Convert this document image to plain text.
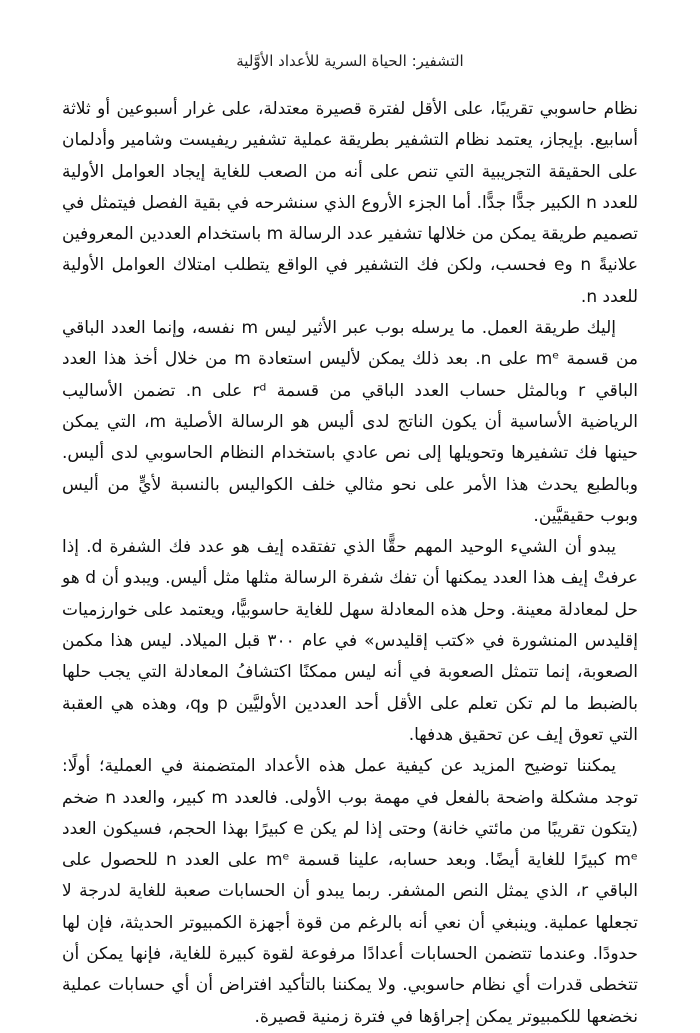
التشفير: الحياة السرية للأعداد الأوَّلية

نظام حاسوبي تقريبًا، على الأقل لفترة قصيرة معتدلة، على غرار أسبوعين أو ثلاثة أسابيع. بإيجاز، يعتمد نظام التشفير بطريقة عملية تشفير ريفيست وشامير وأدلمان على الحقيقة التجريبية التي تنص على أنه من الصعب للغاية إيجاد العوامل الأولية للعدد n الكبير جدًّا جدًّا. أما الجزء الأروع الذي سنشرحه في بقية الفصل فيتمثل في تصميم طريقة يمكن من خلالها تشفير عدد الرسالة m باستخدام العددين المعروفين علانيةً n وe فحسب، ولكن فك التشفير في الواقع يتطلب امتلاك العوامل الأولية للعدد n.

إليك طريقة العمل. ما يرسله بوب عبر الأثير ليس m نفسه، وإنما العدد الباقي من قسمة mᵉ على n. بعد ذلك يمكن لأليس استعادة m من خلال أخذ هذا العدد الباقي r وبالمثل حساب العدد الباقي من قسمة rᵈ على n. تضمن الأساليب الرياضية الأساسية أن يكون الناتج لدى أليس هو الرسالة الأصلية m، التي يمكن حينها فك تشفيرها وتحويلها إلى نص عادي باستخدام النظام الحاسوبي لدى أليس. وبالطبع يحدث هذا الأمر على نحو مثالي خلف الكواليس بالنسبة لأيٍّ من أليس وبوب حقيقيَّين.

يبدو أن الشيء الوحيد المهم حقًّا الذي تفتقده إيف هو عدد فك الشفرة d. إذا عرفتْ إيف هذا العدد يمكنها أن تفك شفرة الرسالة مثلها مثل أليس. ويبدو أن d هو حل لمعادلة معينة. وحل هذه المعادلة سهل للغاية حاسوبيًّا، ويعتمد على خوارزميات إقليدس المنشورة في «كتب إقليدس» في عام ٣٠٠ قبل الميلاد. ليس هذا مكمن الصعوبة، إنما تتمثل الصعوبة في أنه ليس ممكنًا اكتشافُ المعادلة التي يجب حلها بالضبط ما لم تكن تعلم على الأقل أحد العددين الأوليَّين p وq، وهذه هي العقبة التي تعوق إيف عن تحقيق هدفها.

يمكننا توضيح المزيد عن كيفية عمل هذه الأعداد المتضمنة في العملية؛ أولًا: توجد مشكلة واضحة بالفعل في مهمة بوب الأولى. فالعدد m كبير، والعدد n ضخم (يتكون تقريبًا من مائتي خانة) وحتى إذا لم يكن e كبيرًا بهذا الحجم، فسيكون العدد mᵉ كبيرًا للغاية أيضًا. وبعد حسابه، علينا قسمة mᵉ على العدد n للحصول على الباقي r، الذي يمثل النص المشفر. ربما يبدو أن الحسابات صعبة للغاية لدرجة لا تجعلها عملية. وينبغي أن نعي أنه بالرغم من قوة أجهزة الكمبيوتر الحديثة، فإن لها حدودًا. وعندما تتضمن الحسابات أعدادًا مرفوعة لقوة كبيرة للغاية، فإنها يمكن أن تتخطى قدرات أي نظام حاسوبي. ولا يمكننا بالتأكيد افتراض أن أي حسابات عملية نخضعها للكمبيوتر يمكن إجراؤها في فترة زمنية قصيرة.
